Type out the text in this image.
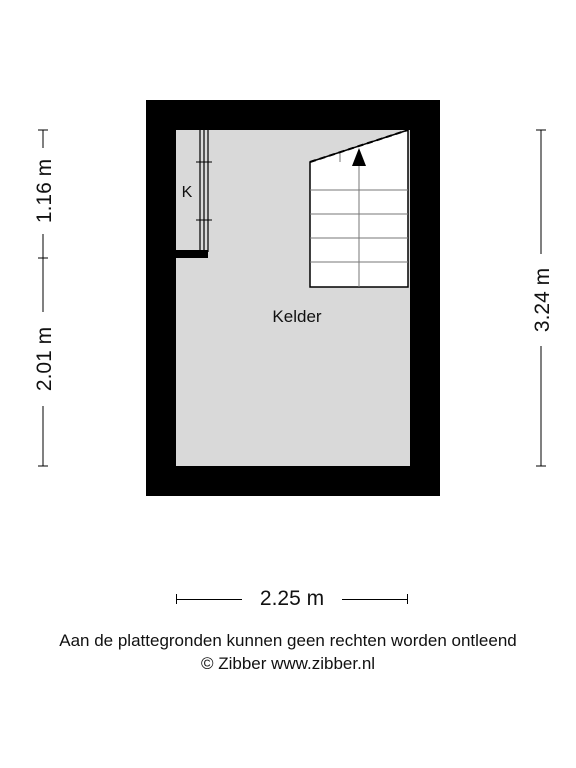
K
Kelder
1.16 m
2.01 m
3.24 m
2.25 m
Aan de plattegronden kunnen geen rechten worden ontleend
© Zibber www.zibber.nl
